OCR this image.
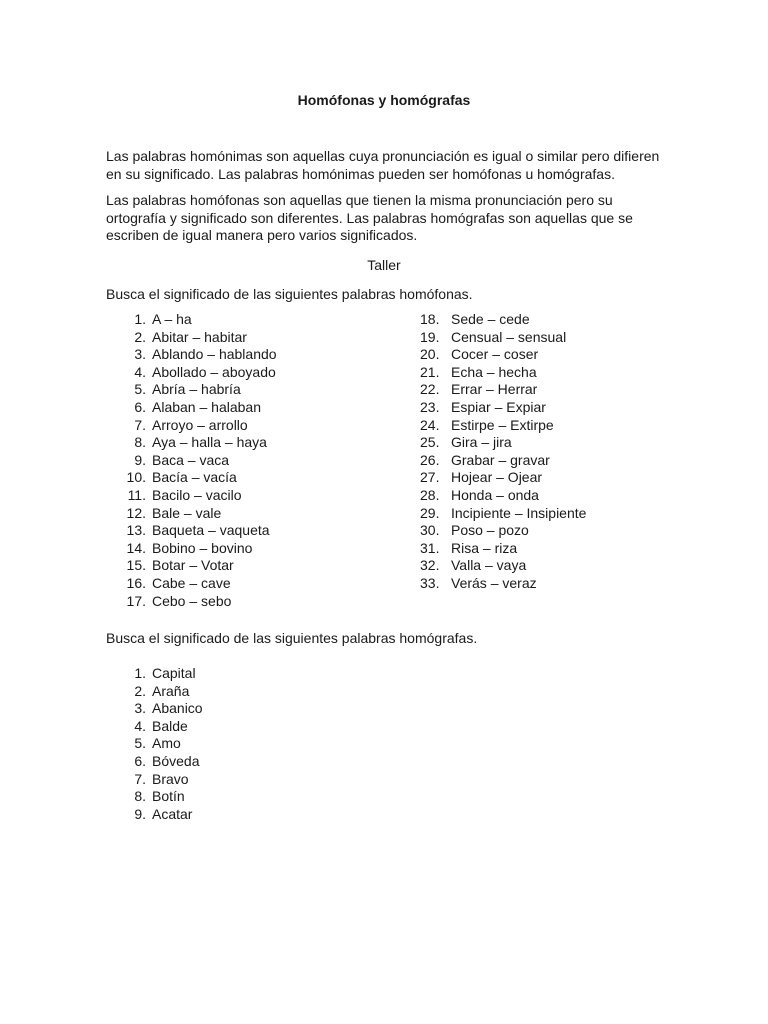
Homófonas y homógrafas

Las palabras homónimas son aquellas cuya pronunciación es igual o similar pero difieren en su significado. Las palabras homónimas pueden ser homófonas u homógrafas.

Las palabras homófonas son aquellas que tienen la misma pronunciación pero su ortografía y significado son diferentes. Las palabras homógrafas son aquellas que se escriben de igual manera pero varios significados.

Taller

Busca el significado de las siguientes palabras homófonas.

1. A – ha
2. Abitar – habitar
3. Ablando – hablando
4. Abollado – aboyado
5. Abría – habría
6. Alaban – halaban
7. Arroyo – arrollo
8. Aya – halla – haya
9. Baca – vaca
10. Bacía – vacía
11. Bacilo – vacilo
12. Bale – vale
13. Baqueta – vaqueta
14. Bobino – bovino
15. Botar – Votar
16. Cabe – cave
17. Cebo – sebo
18. Sede – cede
19. Censual – sensual
20. Cocer – coser
21. Echa – hecha
22. Errar – Herrar
23. Espiar – Expiar
24. Estirpe – Extirpe
25. Gira – jira
26. Grabar – gravar
27. Hojear – Ojear
28. Honda – onda
29. Incipiente – Insipiente
30. Poso – pozo
31. Risa – riza
32. Valla – vaya
33. Verás – veraz

Busca el significado de las siguientes palabras homógrafas.

1. Capital
2. Araña
3. Abanico
4. Balde
5. Amo
6. Bóveda
7. Bravo
8. Botín
9. Acatar
